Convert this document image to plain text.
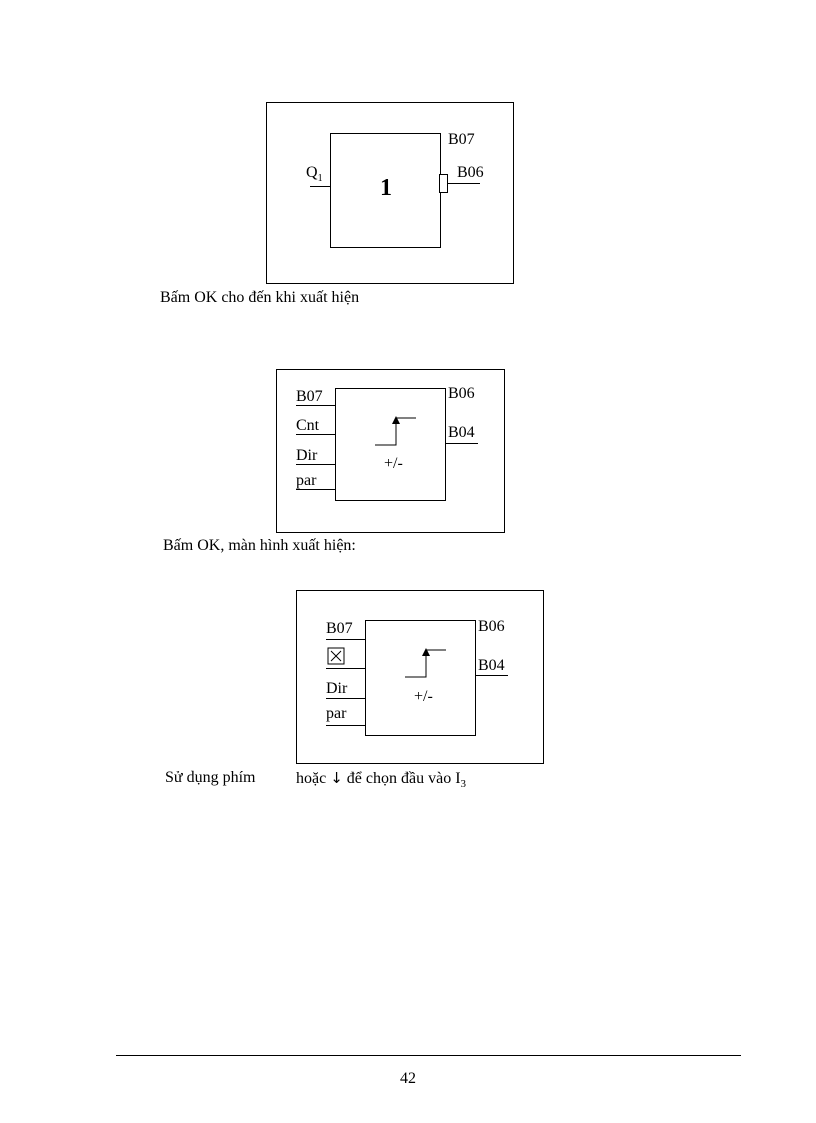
1
$Q_1$
B07
B06
Bấm OK cho đến khi xuất hiện
B07
Cnt
Dir
par
B06
B04
+/-
Bấm OK, màn hình xuất hiện:
B07
Dir
par
B06
B04
+/-
Sử dụng phím	hoặc ↓ để chọn đầu vào $I_3$
42
